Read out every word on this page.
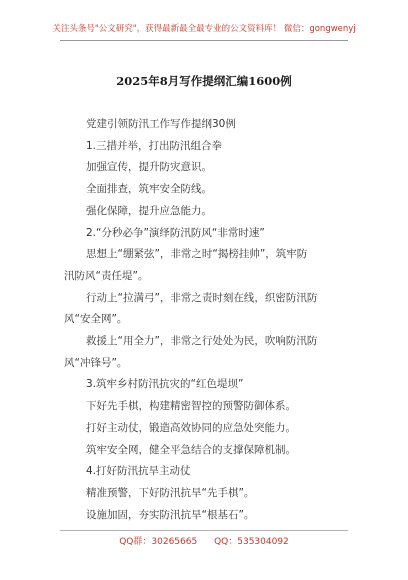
关注头条号"公文研究"，获得最新最全最专业的公文资料库！ 微信：gongwenyj
2025年8月写作提纲汇编1600例
党建引领防汛工作写作提纲30例
1.三措并举，打出防汛组合拳
加强宣传，提升防灾意识。
全面排查，筑牢安全防线。
强化保障，提升应急能力。
2.“分秒必争”演绎防汛防风“非常时速”
思想上“绷紧弦”，非常之时“揭榜挂帅”，筑牢防
汛防风“责任堤”。
行动上“拉满弓”，非常之责时刻在线，织密防汛防
风“安全网”。
救援上“用全力”，非常之行处处为民，吹响防汛防
风“冲锋号”。
3.筑牢乡村防汛抗灾的“红色堤坝”
下好先手棋，构建精密智控的预警防御体系。
打好主动仗，锻造高效协同的应急处突能力。
筑牢安全网，健全平急结合的支撑保障机制。
4.打好防汛抗旱主动仗
精准预警，下好防汛抗旱“先手棋”。
设施加固，夯实防汛抗旱“根基石”。
QQ群：30265665 QQ：535304092
